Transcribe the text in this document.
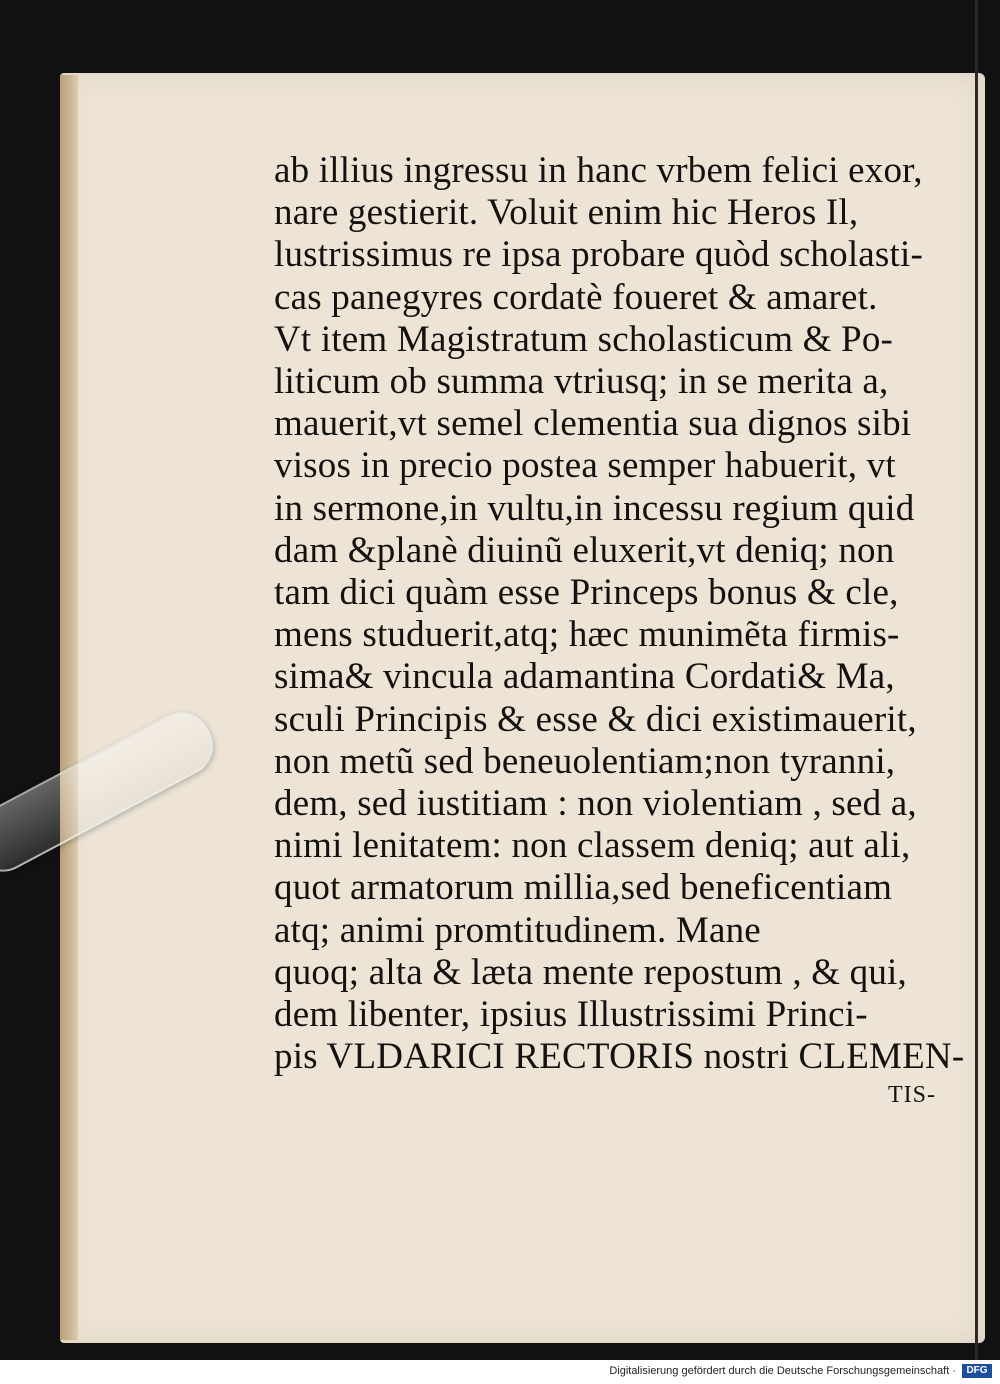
ab illius ingressu in hanc vrbem felici exor,
nare gestierit. Voluit enim hic Heros Il,
lustrissimus re ipsa probare quòd scholasti-
cas panegyres cordatè foueret & amaret.
Vt item Magistratum scholasticum & Po-
liticum ob summa vtriusq; in se merita a,
mauerit,vt semel clementia sua dignos sibi
visos in precio postea semper habuerit, vt
in sermone,in vultu,in incessu regium quid
dam &planè diuinũ eluxerit,vt deniq; non
tam dici quàm esse Princeps bonus & cle,
mens studuerit,atq; hæc munimẽta firmis-
sima& vincula adamantina Cordati& Ma,
sculi Principis & esse & dici existimauerit,
non metũ sed beneuolentiam;non tyranni,
dem, sed iustitiam : non violentiam , sed a,
nimi lenitatem: non classem deniq; aut ali,
quot armatorum millia,sed beneficentiam
atq; animi promtitudinem. Mane
quoq; alta & læta mente repostum , & qui,
dem libenter, ipsius Illustrissimi Princi-
pis VLDARICI RECTORIS nostri CLEMEN-
TIS-
Digitalisierung gefördert durch die Deutsche Forschungsgemeinschaft ·	DFG
